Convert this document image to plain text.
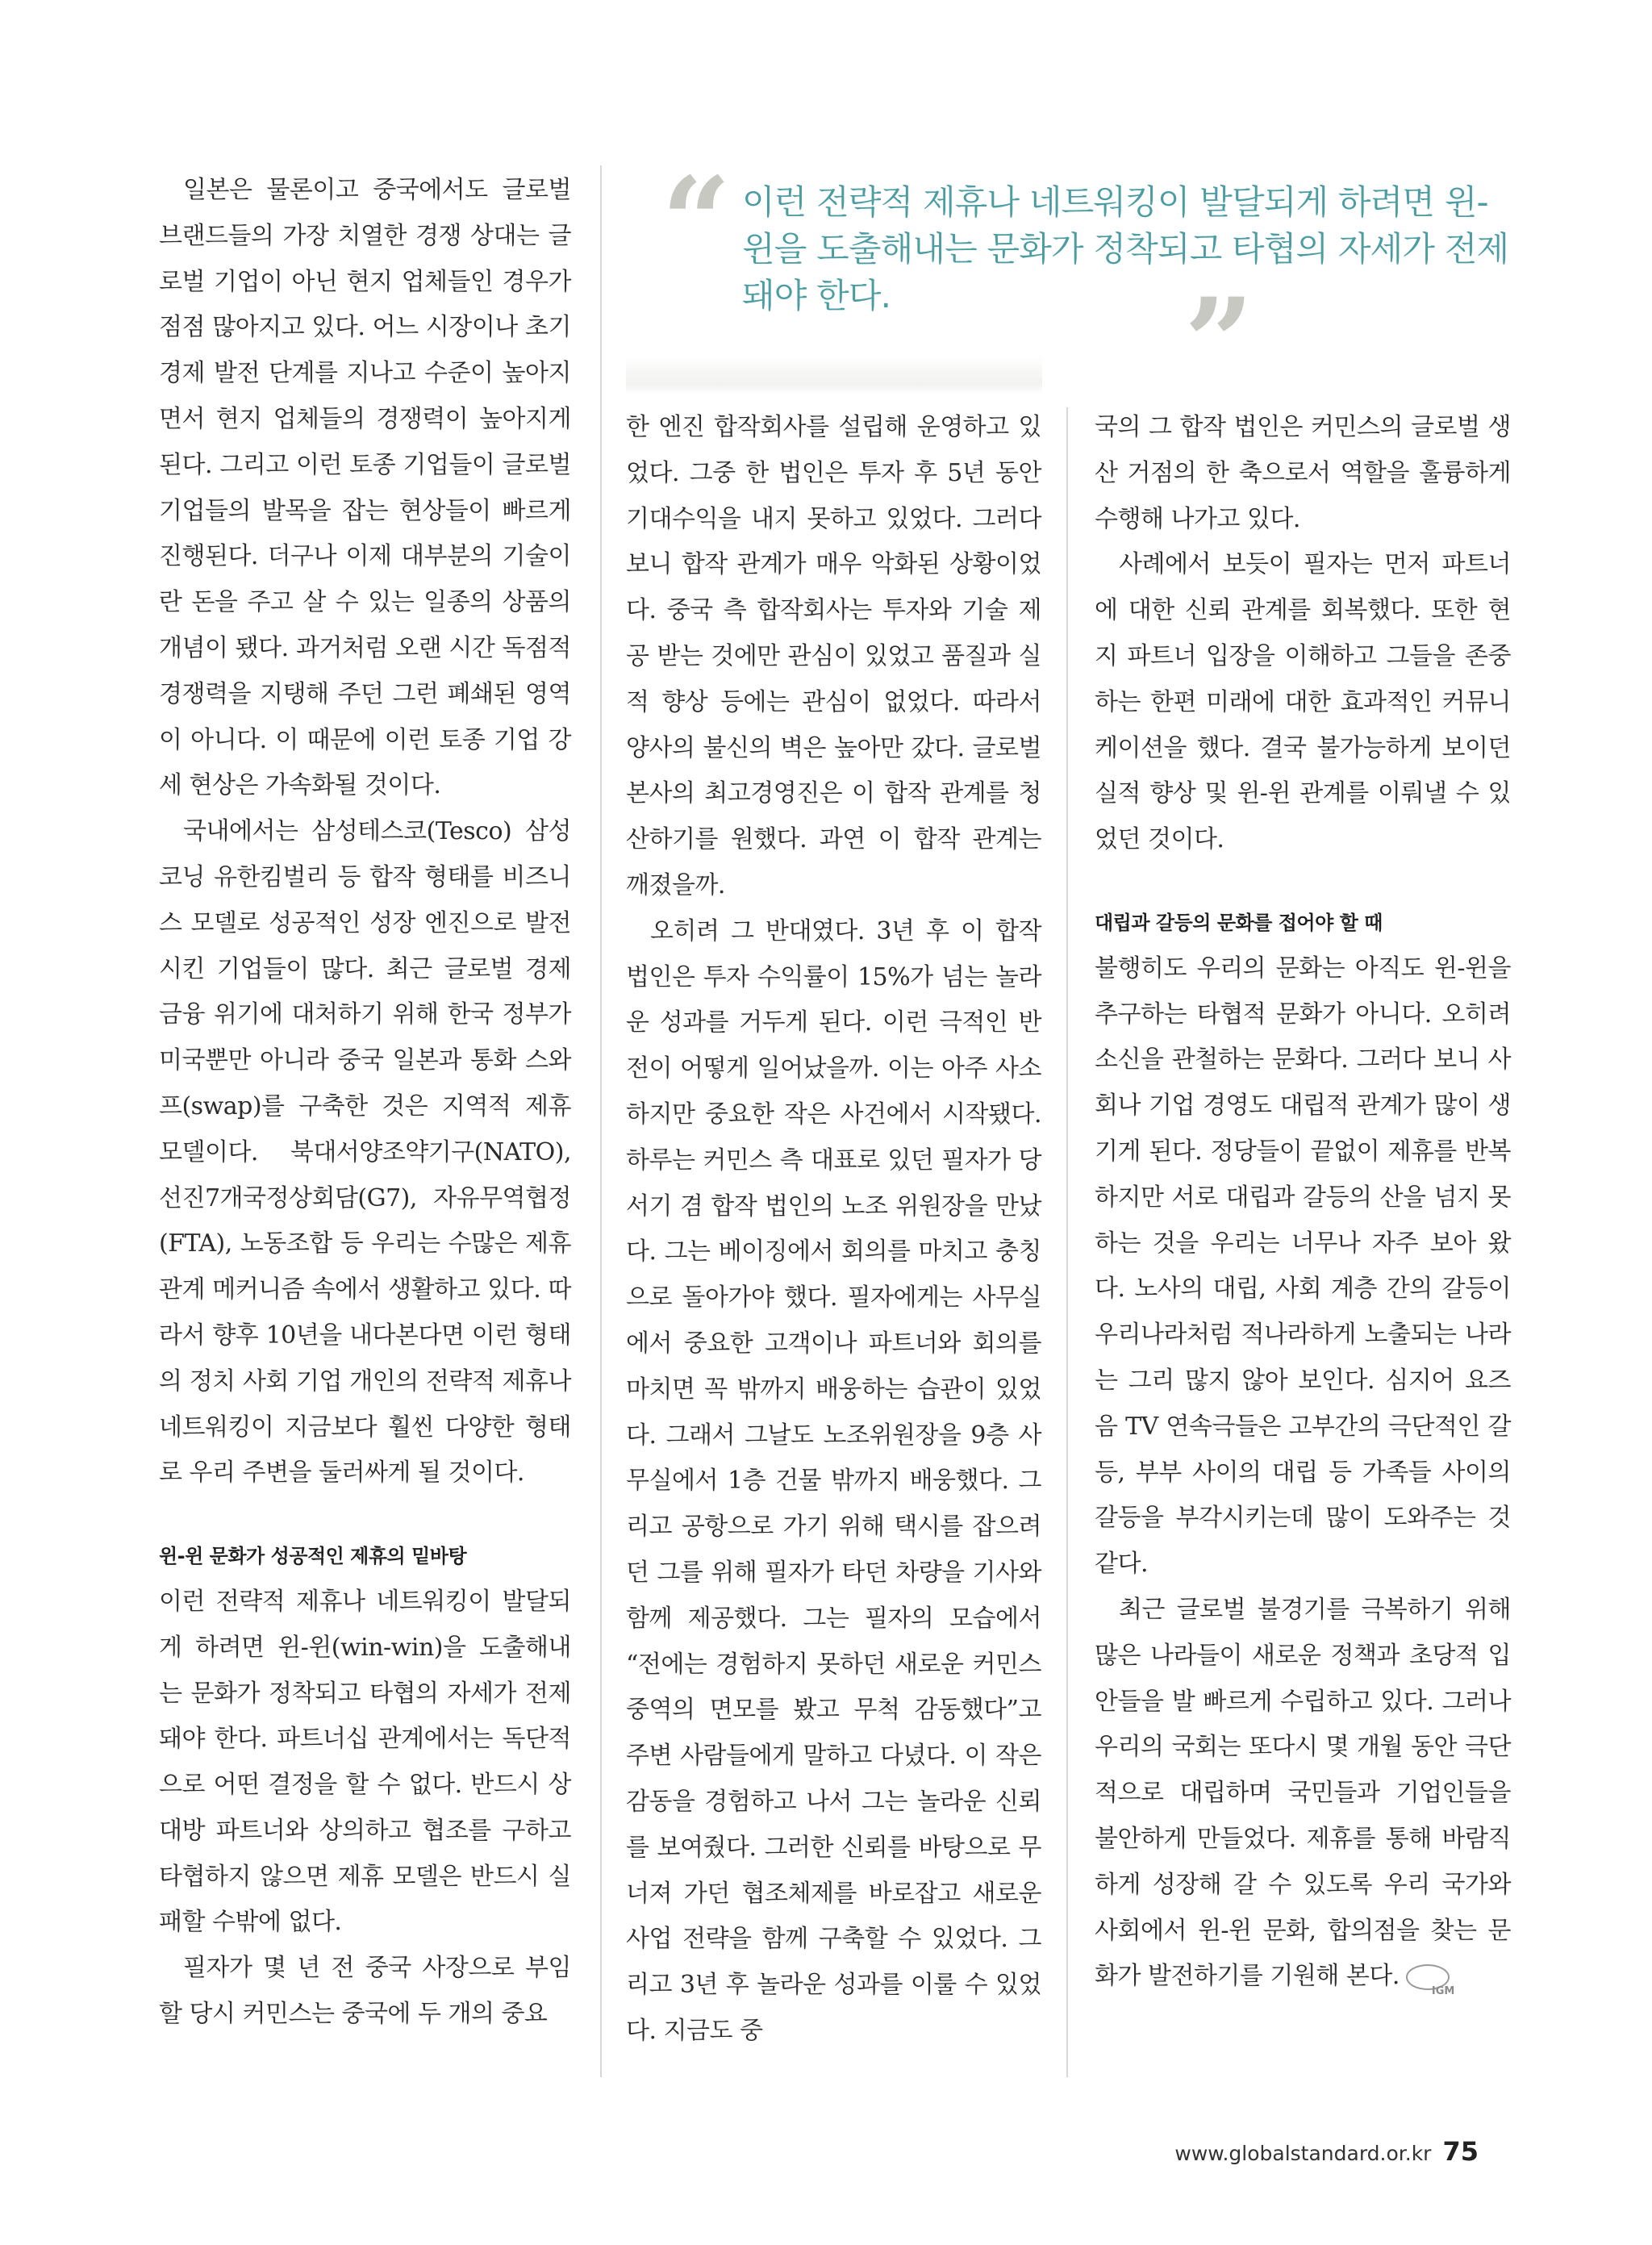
일본은 물론이고 중국에서도 글로벌 브랜드들의 가장 치열한 경쟁 상대는 글로벌 기업이 아닌 현지 업체들인 경우가 점점 많아지고 있다. 어느 시장이나 초기 경제 발전 단계를 지나고 수준이 높아지면서 현지 업체들의 경쟁력이 높아지게 된다. 그리고 이런 토종 기업들이 글로벌 기업들의 발목을 잡는 현상들이 빠르게 진행된다. 더구나 이제 대부분의 기술이란 돈을 주고 살 수 있는 일종의 상품의 개념이 됐다. 과거처럼 오랜 시간 독점적 경쟁력을 지탱해 주던 그런 폐쇄된 영역이 아니다. 이 때문에 이런 토종 기업 강세 현상은 가속화될 것이다.

국내에서는 삼성테스코(Tesco) 삼성코닝 유한킴벌리 등 합작 형태를 비즈니스 모델로 성공적인 성장 엔진으로 발전시킨 기업들이 많다. 최근 글로벌 경제 금융 위기에 대처하기 위해 한국 정부가 미국뿐만 아니라 중국 일본과 통화 스와프(swap)를 구축한 것은 지역적 제휴 모델이다. 북대서양조약기구(NATO), 선진7개국정상회담(G7), 자유무역협정(FTA), 노동조합 등 우리는 수많은 제휴 관계 메커니즘 속에서 생활하고 있다. 따라서 향후 10년을 내다본다면 이런 형태의 정치 사회 기업 개인의 전략적 제휴나 네트워킹이 지금보다 훨씬 다양한 형태로 우리 주변을 둘러싸게 될 것이다.

윈-윈 문화가 성공적인 제휴의 밑바탕

이런 전략적 제휴나 네트워킹이 발달되게 하려면 윈-윈(win-win)을 도출해내는 문화가 정착되고 타협의 자세가 전제돼야 한다. 파트너십 관계에서는 독단적으로 어떤 결정을 할 수 없다. 반드시 상대방 파트너와 상의하고 협조를 구하고 타협하지 않으면 제휴 모델은 반드시 실패할 수밖에 없다.

필자가 몇 년 전 중국 사장으로 부임할 당시 커민스는 중국에 두 개의 중요

“ 이런 전략적 제휴나 네트워킹이 발달되게 하려면 윈-윈을 도출해내는 문화가 정착되고 타협의 자세가 전제돼야 한다.	”

한 엔진 합작회사를 설립해 운영하고 있었다. 그중 한 법인은 투자 후 5년 동안 기대수익을 내지 못하고 있었다. 그러다 보니 합작 관계가 매우 악화된 상황이었다. 중국 측 합작회사는 투자와 기술 제공 받는 것에만 관심이 있었고 품질과 실적 향상 등에는 관심이 없었다. 따라서 양사의 불신의 벽은 높아만 갔다. 글로벌 본사의 최고경영진은 이 합작 관계를 청산하기를 원했다. 과연 이 합작 관계는 깨졌을까.

오히려 그 반대였다. 3년 후 이 합작 법인은 투자 수익률이 15%가 넘는 놀라운 성과를 거두게 된다. 이런 극적인 반전이 어떻게 일어났을까. 이는 아주 사소하지만 중요한 작은 사건에서 시작됐다. 하루는 커민스 측 대표로 있던 필자가 당 서기 겸 합작 법인의 노조 위원장을 만났다. 그는 베이징에서 회의를 마치고 충칭으로 돌아가야 했다. 필자에게는 사무실에서 중요한 고객이나 파트너와 회의를 마치면 꼭 밖까지 배웅하는 습관이 있었다. 그래서 그날도 노조위원장을 9층 사무실에서 1층 건물 밖까지 배웅했다. 그리고 공항으로 가기 위해 택시를 잡으려던 그를 위해 필자가 타던 차량을 기사와 함께 제공했다. 그는 필자의 모습에서 “전에는 경험하지 못하던 새로운 커민스 중역의 면모를 봤고 무척 감동했다”고 주변 사람들에게 말하고 다녔다. 이 작은 감동을 경험하고 나서 그는 놀라운 신뢰를 보여줬다. 그러한 신뢰를 바탕으로 무너져 가던 협조체제를 바로잡고 새로운 사업 전략을 함께 구축할 수 있었다. 그리고 3년 후 놀라운 성과를 이룰 수 있었다. 지금도 중

국의 그 합작 법인은 커민스의 글로벌 생산 거점의 한 축으로서 역할을 훌륭하게 수행해 나가고 있다.

사례에서 보듯이 필자는 먼저 파트너에 대한 신뢰 관계를 회복했다. 또한 현지 파트너 입장을 이해하고 그들을 존중하는 한편 미래에 대한 효과적인 커뮤니케이션을 했다. 결국 불가능하게 보이던 실적 향상 및 윈-윈 관계를 이뤄낼 수 있었던 것이다.

대립과 갈등의 문화를 접어야 할 때

불행히도 우리의 문화는 아직도 윈-윈을 추구하는 타협적 문화가 아니다. 오히려 소신을 관철하는 문화다. 그러다 보니 사회나 기업 경영도 대립적 관계가 많이 생기게 된다. 정당들이 끝없이 제휴를 반복하지만 서로 대립과 갈등의 산을 넘지 못하는 것을 우리는 너무나 자주 보아 왔다. 노사의 대립, 사회 계층 간의 갈등이 우리나라처럼 적나라하게 노출되는 나라는 그리 많지 않아 보인다. 심지어 요즈음 TV 연속극들은 고부간의 극단적인 갈등, 부부 사이의 대립 등 가족들 사이의 갈등을 부각시키는데 많이 도와주는 것 같다.

최근 글로벌 불경기를 극복하기 위해 많은 나라들이 새로운 정책과 초당적 입안들을 발 빠르게 수립하고 있다. 그러나 우리의 국회는 또다시 몇 개월 동안 극단적으로 대립하며 국민들과 기업인들을 불안하게 만들었다. 제휴를 통해 바람직하게 성장해 갈 수 있도록 우리 국가와 사회에서 윈-윈 문화, 합의점을 찾는 문화가 발전하기를 기원해 본다.
IGM

www.globalstandard.or.kr 75
